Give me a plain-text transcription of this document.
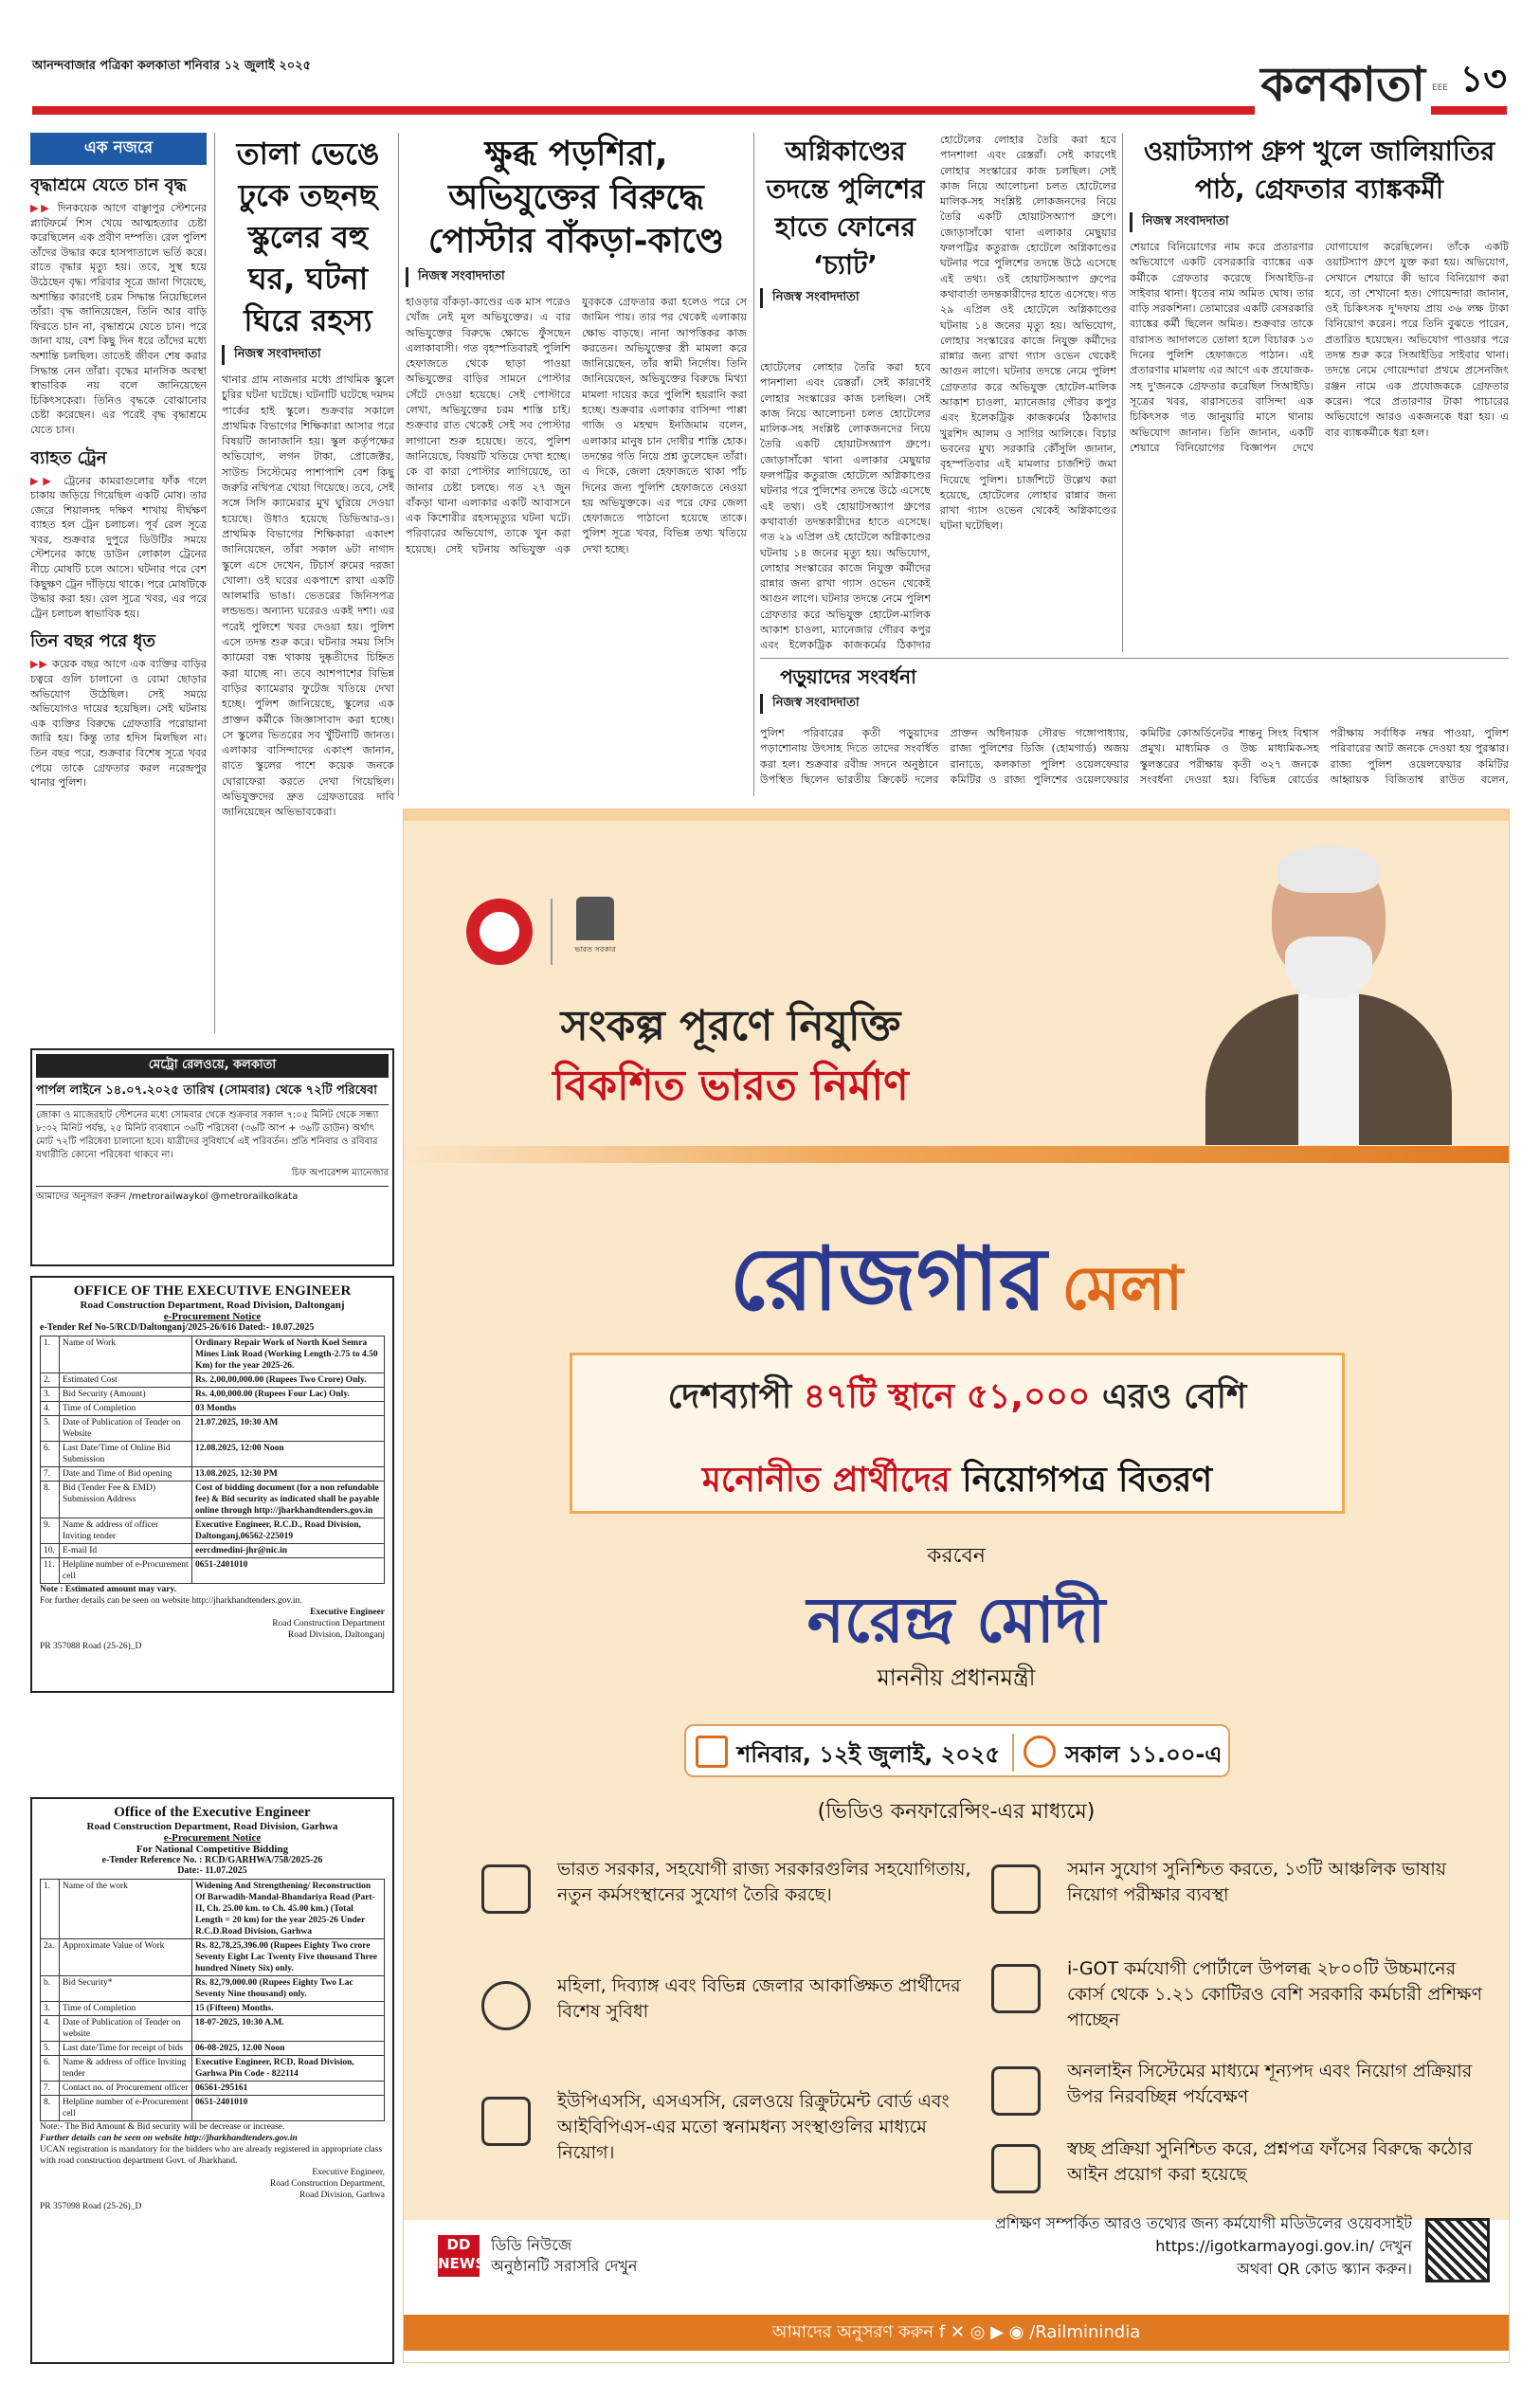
আনন্দবাজার পত্রিকা কলকাতা শনিবার ১২ জুলাই ২০২৫	কলকাতা EEE ১৩
এক নজরে
বৃদ্ধাশ্রমে যেতে চান বৃদ্ধ
▶▶ দিনকয়েক আগে বাঞ্ছাপুর স্টেশনের প্ল্যাটফর্মে শিস খেয়ে আত্মহত্যার চেষ্টা করেছিলেন এক প্রবীণ দম্পতি। রেল পুলিশ তাঁদের উদ্ধার করে হাসপাতালে ভর্তি করে। রাতে বৃদ্ধার মৃত্যু হয়। তবে, সুস্থ হয়ে উঠেছেন বৃদ্ধ। পরিবার সূত্রে জানা গিয়েছে, অশান্তির কারণেই চরম সিদ্ধান্ত নিয়েছিলেন তাঁরা। বৃদ্ধ জানিয়েছেন, তিনি আর বাড়ি ফিরতে চান না, বৃদ্ধাশ্রমে যেতে চান। পরে জানা যায়, বেশ কিছু দিন ধরে তাঁদের মধ্যে অশান্তি চলছিল। তাতেই জীবন শেষ করার সিদ্ধান্ত নেন তাঁরা। বৃদ্ধের মানসিক অবস্থা স্বাভাবিক নয় বলে জানিয়েছেন চিকিৎসকেরা। তিনিও বৃদ্ধকে বোঝানোর চেষ্টা করেছেন। এর পরেই বৃদ্ধ বৃদ্ধাশ্রমে যেতে চান।
ব্যাহত ট্রেন
▶▶ ট্রেনের কামরাগুলোর ফাঁক গলে চাকায় জড়িয়ে গিয়েছিল একটি মোষ। তার জেরে শিয়ালদহ দক্ষিণ শাখায় দীর্ঘক্ষণ ব্যাহত হল ট্রেন চলাচল। পূর্ব রেল সূত্রে খবর, শুক্রবার দুপুরে ডিউটির সময়ে স্টেশনের কাছে ডাউন লোকাল ট্রেনের নীচে মোষটি চলে আসে। ঘটনার পরে বেশ কিছুক্ষণ ট্রেন দাঁড়িয়ে থাকে। পরে মোষটিকে উদ্ধার করা হয়। রেল সূত্রে খবর, এর পরে ট্রেন চলাচল স্বাভাবিক হয়।
তিন বছর পরে ধৃত
▶▶ কয়েক বছর আগে এক ব্যক্তির বাড়ির চত্বরে গুলি চালানো ও বোমা ছোড়ার অভিযোগ উঠেছিল। সেই সময়ে অভিযোগও দায়ের হয়েছিল। সেই ঘটনায় এক ব্যক্তির বিরুদ্ধে গ্রেফতারি পরোয়ানা জারি হয়। কিন্তু তার হদিস মিলছিল না। তিন বছর পরে, শুক্রবার বিশেষ সূত্রে খবর পেয়ে তাকে গ্রেফতার করল নরেন্দ্রপুর থানার পুলিশ।
তালা ভেঙে ঢুকে তছনছ স্কুলের বহু ঘর, ঘটনা ঘিরে রহস্য
নিজস্ব সংবাদদাতা
থানার গ্রাম নাজনার মধ্যে প্রাথমিক স্কুলে চুরির ঘটনা ঘটেছে। ঘটনাটি ঘটেছে দমদম পার্কের হাই স্কুলে। শুক্রবার সকালে প্রাথমিক বিভাগের শিক্ষিকারা আসার পরে বিষয়টি জানাজানি হয়। স্কুল কর্তৃপক্ষের অভিযোগ, লগন টাকা, প্রোজেক্টর, সাউন্ড সিস্টেমের পাশাপাশি বেশ কিছু জরুরি নথিপত্র খোয়া গিয়েছে। তবে, সেই সঙ্গে সিসি ক্যামেরার মুখ ঘুরিয়ে দেওয়া হয়েছে। উধাও হয়েছে ডিভিআর-ও। প্রাথমিক বিভাগের শিক্ষিকারা একাংশ জানিয়েছেন, তাঁরা সকাল ৬টা নাগাদ স্কুলে এসে দেখেন, টিচার্স রুমের দরজা খোলা। ওই ঘরের একপাশে রাখা একটি আলমারি ভাঙা। ভেতরের জিনিসপত্র লন্ডভন্ড। অন্যান্য ঘরেরও একই দশা। এর পরেই পুলিশে খবর দেওয়া হয়। পুলিশ এসে তদন্ত শুরু করে। ঘটনার সময় সিসি ক্যামেরা বন্ধ থাকায় দুষ্কৃতীদের চিহ্নিত করা যাচ্ছে না। তবে আশপাশের বিভিন্ন বাড়ির ক্যামেরার ফুটেজ খতিয়ে দেখা হচ্ছে। পুলিশ জানিয়েছে, স্কুলের এক প্রাক্তন কর্মীকে জিজ্ঞাসাবাদ করা হচ্ছে। সে স্কুলের ভিতরের সব খুঁটিনাটি জানত। এলাকার বাসিন্দাদের একাংশ জানান, রাতে স্কুলের পাশে কয়েক জনকে ঘোরাফেরা করতে দেখা গিয়েছিল। অভিযুক্তদের দ্রুত গ্রেফতারের দাবি জানিয়েছেন অভিভাবকেরা।
ক্ষুব্ধ পড়শিরা, অভিযুক্তের বিরুদ্ধে পোস্টার বাঁকড়া-কাণ্ডে
নিজস্ব সংবাদদাতা
হাওড়ার বাঁকড়া-কাণ্ডের এক মাস পরেও খোঁজ নেই মূল অভিযুক্তের। এ বার অভিযুক্তের বিরুদ্ধে ক্ষোভে ফুঁসছেন এলাকাবাসী। গত বৃহস্পতিবারই পুলিশি হেফাজতে থেকে ছাড়া পাওয়া অভিযুক্তের বাড়ির সামনে পোস্টার সেঁটে দেওয়া হয়েছে। সেই পোস্টারে লেখা, অভিযুক্তের চরম শাস্তি চাই। শুক্রবার রাত থেকেই সেই সব পোস্টার লাগানো শুরু হয়েছে। তবে, পুলিশ জানিয়েছে, বিষয়টি খতিয়ে দেখা হচ্ছে। কে বা কারা পোস্টার লাগিয়েছে, তা জানার চেষ্টা চলছে। গত ২৭ জুন বাঁকড়া থানা এলাকার একটি আবাসনে এক কিশোরীর রহস্যমৃত্যুর ঘটনা ঘটে। পরিবারের অভিযোগ, তাকে খুন করা হয়েছে। সেই ঘটনায় অভিযুক্ত এক যুবককে গ্রেফতার করা হলেও পরে সে জামিন পায়। তার পর থেকেই এলাকায় ক্ষোভ বাড়ছে। নানা আপত্তিকর কাজ করতেন। অভিযুক্তের স্ত্রী মামলা করে জানিয়েছেন, তাঁর স্বামী নির্দোষ। তিনি জানিয়েছেন, অভিযুক্তের বিরুদ্ধে মিথ্যা মামলা দায়ের করে পুলিশি হয়রানি করা হচ্ছে। শুক্রবার এলাকার বাসিন্দা পাপ্পা গাজি ও মহম্মদ ইনজিমাম বলেন, এলাকার মানুষ চান দোষীর শাস্তি হোক। তদন্তের গতি নিয়ে প্রশ্ন তুলেছেন তাঁরা। এ দিকে, জেলা হেফাজতে থাকা পাঁচ দিনের জন্য পুলিশি হেফাজতে নেওয়া হয় অভিযুক্তকে। এর পরে ফের জেলা হেফাজতে পাঠানো হয়েছে তাকে। পুলিশ সূত্রে খবর, বিভিন্ন তথ্য খতিয়ে দেখা হচ্ছে।
অগ্নিকাণ্ডের তদন্তে পুলিশের হাতে ফোনের ‘চ্যাট’
নিজস্ব সংবাদদাতা
হোটেলের লোহার তৈরি করা হবে পানশালা এবং রেস্তরাঁ। সেই কারণেই লোহার সংস্কারের কাজ চলছিল। সেই কাজ নিয়ে আলোচনা চলত হোটেলের মালিক-সহ সংশ্লিষ্ট লোকজনদের নিয়ে তৈরি একটি হোয়াটসঅ্যাপ গ্রুপে। জোড়াসাঁকো থানা এলাকার মেছুয়ার ফলপট্টির কতুরাজ হোটেলে অগ্নিকাণ্ডের ঘটনার পরে পুলিশের তদন্তে উঠে এসেছে এই তথ্য। ওই হোয়াটসঅ্যাপ গ্রুপের কথাবার্তা তদন্তকারীদের হাতে এসেছে। গত ২৯ এপ্রিল ওই হোটেলে অগ্নিকাণ্ডের ঘটনায় ১৪ জনের মৃত্যু হয়। অভিযোগ, লোহার সংস্কারের কাজে নিযুক্ত কর্মীদের রান্নার জন্য রাখা গ্যাস ওভেন থেকেই আগুন লাগে। ঘটনার তদন্তে নেমে পুলিশ গ্রেফতার করে অভিযুক্ত হোটেল-মালিক আকাশ চাওলা, ম্যানেজার গৌরব কপুর এবং ইলেকট্রিক কাজকর্মের ঠিকাদার
হোটেলের লোহার তৈরি করা হবে পানশালা এবং রেস্তরাঁ। সেই কারণেই লোহার সংস্কারের কাজ চলছিল। সেই কাজ নিয়ে আলোচনা চলত হোটেলের মালিক-সহ সংশ্লিষ্ট লোকজনদের নিয়ে তৈরি একটি হোয়াটসঅ্যাপ গ্রুপে। জোড়াসাঁকো থানা এলাকার মেছুয়ার ফলপট্টির কতুরাজ হোটেলে অগ্নিকাণ্ডের ঘটনার পরে পুলিশের তদন্তে উঠে এসেছে এই তথ্য। ওই হোয়াটসঅ্যাপ গ্রুপের কথাবার্তা তদন্তকারীদের হাতে এসেছে। গত ২৯ এপ্রিল ওই হোটেলে অগ্নিকাণ্ডের ঘটনায় ১৪ জনের মৃত্যু হয়। অভিযোগ, লোহার সংস্কারের কাজে নিযুক্ত কর্মীদের রান্নার জন্য রাখা গ্যাস ওভেন থেকেই আগুন লাগে। ঘটনার তদন্তে নেমে পুলিশ গ্রেফতার করে অভিযুক্ত হোটেল-মালিক আকাশ চাওলা, ম্যানেজার গৌরব কপুর এবং ইলেকট্রিক কাজকর্মের ঠিকাদার খুরশিদ আলম ও সাগির আলিকে। বিচার ভবনের মুখ্য সরকারি কৌঁসুলি জানান, বৃহস্পতিবার এই মামলার চার্জশিট জমা দিয়েছে পুলিশ। চার্জশিটে উল্লেখ করা হয়েছে, হোটেলের লোহার রান্নার জন্য রাখা গ্যাস ওভেন থেকেই অগ্নিকাণ্ডের ঘটনা ঘটেছিল।
ওয়াটস্যাপ গ্রুপ খুলে জালিয়াতির পাঠ, গ্রেফতার ব্যাঙ্ককর্মী
নিজস্ব সংবাদদাতা
শেয়ারে বিনিয়োগের নাম করে প্রতারণার অভিযোগে একটি বেসরকারি ব্যাঙ্কের এক কর্মীকে গ্রেফতার করেছে সিআইডি-র সাইবার থানা। ধৃতের নাম অমিত ঘোষ। তার বাড়ি সরকশিনা। তোমারের একটি বেসরকারি ব্যাঙ্কের কর্মী ছিলেন অমিত। শুক্রবার তাকে বারাসত আদালতে তোলা হলে বিচারক ১৩ দিনের পুলিশি হেফাজতে পাঠান। এই প্রতারণার মামলায় এর আগে এক প্রযোজক-সহ দু'জনকে গ্রেফতার করেছিল সিআইডি। সূত্রের খবর, বারাসতের বাসিন্দা এক চিকিৎসক গত জানুয়ারি মাসে থানায় অভিযোগ জানান। তিনি জানান, একটি শেয়ারে বিনিয়োগের বিজ্ঞাপন দেখে যোগাযোগ করেছিলেন। তাঁকে একটি ওয়াটস্যাপ গ্রুপে যুক্ত করা হয়। অভিযোগ, সেখানে শেয়ারে কী ভাবে বিনিয়োগ করা হবে, তা শেখানো হত। গোয়েন্দারা জানান, ওই চিকিৎসক দু'দফায় প্রায় ৩৬ লক্ষ টাকা বিনিয়োগ করেন। পরে তিনি বুঝতে পারেন, প্রতারিত হয়েছেন। অভিযোগ পাওয়ার পরে তদন্ত শুরু করে সিআইডির সাইবার থানা। তদন্তে নেমে গোয়েন্দারা প্রথমে প্রসেনজিৎ রঞ্জন নামে এক প্রযোজককে গ্রেফতার করেন। পরে প্রতারণার টাকা পাচারের অভিযোগে আরও একজনকে ধরা হয়। এ বার ব্যাঙ্ককর্মীকে ধরা হল।
পড়ুয়াদের সংবর্ধনা
নিজস্ব সংবাদদাতা
পুলিশ পরিবারের কৃতী পড়ুয়াদের পড়াশোনায় উৎসাহ দিতে তাদের সংবর্ধিত করা হল। শুক্রবার রবীন্দ্র সদনে অনুষ্ঠানে উপস্থিত ছিলেন ভারতীয় ক্রিকেট দলের প্রাক্তন অধিনায়ক সৌরভ গঙ্গোপাধ্যায়, রাজ্য পুলিশের ডিজি (হোমগার্ড) অজয় রানাডে, কলকাতা পুলিশ ওয়েলফেয়ার কমিটির ও রাজ্য পুলিশের ওয়েলফেয়ার কমিটির কোঅর্ডিনেটর শান্তনু সিংহ বিশ্বাস প্রমুখ। মাধ্যমিক ও উচ্চ মাধ্যমিক-সহ স্কুলস্তরের পরীক্ষায় কৃতী ৩২৭ জনকে সংবর্ধনা দেওয়া হয়। বিভিন্ন বোর্ডের পরীক্ষায় সর্বাধিক নম্বর পাওয়া, পুলিশ পরিবারের আট জনকে দেওয়া হয় পুরস্কার। রাজ্য পুলিশ ওয়েলফেয়ার কমিটির আহ্বায়ক বিজিতাশ্ব রাউত বলেন,
মেট্রো রেলওয়ে, কলকাতা
পার্পল লাইনে ১৪.০৭.২০২৫ তারিখ (সোমবার) থেকে ৭২টি পরিষেবা
জোকা ও মাজেরহাট স্টেশনের মধ্যে সোমবার থেকে শুক্রবার সকাল ৭:০৫ মিনিট থেকে সন্ধ্যা ৮:৩২ মিনিট পর্যন্ত, ২৫ মিনিট ব্যবধানে ৩৬টি পরিষেবা (৩৬টি আপ + ৩৬টি ডাউন) অর্থাৎ মোট ৭২টি পরিষেবা চালানো হবে। যাত্রীদের সুবিধার্থে এই পরিবর্তন। প্রতি শনিবার ও রবিবার যথারীতি কোনো পরিষেবা থাকবে না।
চিফ অপারেশন্স ম্যানেজার
আমাদের অনুসরণ করুন /metrorailwaykol @metrorailkolkata
OFFICE OF THE EXECUTIVE ENGINEER
Road Construction Department, Road Division, Daltonganj
e-Procurement Notice
e-Tender Ref No-5/RCD/Daltonganj/2025-26/616 Dated:- 10.07.2025
1.	Name of Work	Ordinary Repair Work of North Koel Semra Mines Link Road (Working Length-2.75 to 4.50 Km) for the year 2025-26.
2.	Estimated Cost	Rs. 2,00,00,000.00 (Rupees Two Crore) Only.
3.	Bid Security (Amount)	Rs. 4,00,000.00 (Rupees Four Lac) Only.
4.	Time of Completion	03 Months
5.	Date of Publication of Tender on Website	21.07.2025, 10:30 AM
6.	Last Date/Time of Online Bid Submission	12.08.2025, 12:00 Noon
7.	Date and Time of Bid opening	13.08.2025, 12:30 PM
8.	Bid (Tender Fee & EMD) Submission Address	Cost of bidding document (for a non refundable fee) & Bid security as indicated shall be payable online through http://jharkhandtenders.gov.in
9.	Name & address of officer Inviting tender	Executive Engineer, R.C.D., Road Division, Daltonganj,06562-225019
10.	E-mail Id	eercdmedini-jhr@nic.in
11.	Helpline number of e-Procurement cell	0651-2401010
Note : Estimated amount may vary.
For further details can be seen on website http://jharkhandtenders.gov.in.
Executive Engineer
Road Construction Department
Road Division, Daltonganj
PR 357088 Road (25-26)_D
Office of the Executive Engineer
Road Construction Department, Road Division, Garhwa
e-Procurement Notice
For National Competitive Bidding
e-Tender Reference No. : RCD/GARHWA/758/2025-26
Date:- 11.07.2025
1.	Name of the work	Widening And Strengthening/ Reconstruction Of Barwadih-Mandal-Bhandariya Road (Part-II, Ch. 25.00 km. to Ch. 45.00 km.) (Total Length = 20 km) for the year 2025-26 Under R.C.D.Road Division, Garhwa
2a.	Approximate Value of Work	Rs. 82,78,25,396.00 (Rupees Eighty Two crore Seventy Eight Lac Twenty Five thousand Three hundred Ninety Six) only.
b.	Bid Security*	Rs. 82,79,000.00 (Rupees Eighty Two Lac Seventy Nine thousand) only.
3.	Time of Completion	15 (Fifteen) Months.
4.	Date of Publication of Tender on website	18-07-2025, 10:30 A.M.
5.	Last date/Time for receipt of bids	06-08-2025, 12.00 Noon
6.	Name & address of office Inviting tender	Executive Engineer, RCD, Road Division, Garhwa Pin Code - 822114
7.	Contact no. of Procurement officer	06561-295161
8.	Helpline number of e-Procurement cell	0651-2401010
Note:- The Bid Amount & Bid security will be decrease or increase.
Further details can be seen on website http://jharkhandtenders.gov.in
UCAN registration is mandatory for the bidders who are already registered in appropriate class with road construction department Govt. of Jharkhand.
Executive Engineer,
Road Construction Department,
Road Division, Garhwa
PR 357098 Road (25-26)_D
ভারত সরকার
সংকল্প পূরণে নিযুক্তি
বিকশিত ভারত নির্মাণ
রোজগার মেলা
দেশব্যাপী ৪৭টি স্থানে ৫১,০০০ এরও বেশি
মনোনীত প্রার্থীদের নিয়োগপত্র বিতরণ
করবেন
নরেন্দ্র মোদী
মাননীয় প্রধানমন্ত্রী
শনিবার, ১২ই জুলাই, ২০২৫	সকাল ১১.০০-এ
(ভিডিও কনফারেন্সিং-এর মাধ্যমে)
ভারত সরকার, সহযোগী রাজ্য সরকারগুলির সহযোগিতায়, নতুন কর্মসংস্থানের সুযোগ তৈরি করছে।
সমান সুযোগ সুনিশ্চিত করতে, ১৩টি আঞ্চলিক ভাষায় নিয়োগ পরীক্ষার ব্যবস্থা
মহিলা, দিব্যাঙ্গ এবং বিভিন্ন জেলার আকাঙ্ক্ষিত প্রার্থীদের বিশেষ সুবিধা
i-GOT কর্মযোগী পোর্টালে উপলব্ধ ২৮০০টি উচ্চমানের কোর্স থেকে ১.২১ কোটিরও বেশি সরকারি কর্মচারী প্রশিক্ষণ পাচ্ছেন
ইউপিএসসি, এসএসসি, রেলওয়ে রিক্রুটমেন্ট বোর্ড এবং আইবিপিএস-এর মতো স্বনামধন্য সংস্থাগুলির মাধ্যমে নিয়োগ।
অনলাইন সিস্টেমের মাধ্যমে শূন্যপদ এবং নিয়োগ প্রক্রিয়ার উপর নিরবচ্ছিন্ন পর্যবেক্ষণ
স্বচ্ছ প্রক্রিয়া সুনিশ্চিত করে, প্রশ্নপত্র ফাঁসের বিরুদ্ধে কঠোর আইন প্রয়োগ করা হয়েছে
DD NEWS
ডিডি নিউজে
অনুষ্ঠানটি সরাসরি দেখুন
প্রশিক্ষণ সম্পর্কিত আরও তথ্যের জন্য কর্মযোগী মডিউলের ওয়েবসাইট
https://igotkarmayogi.gov.in/ দেখুন
অথবা QR কোড স্ক্যান করুন।
আমাদের অনুসরণ করুন f ✕ ◎ ▶ ◉ /Railminindia
